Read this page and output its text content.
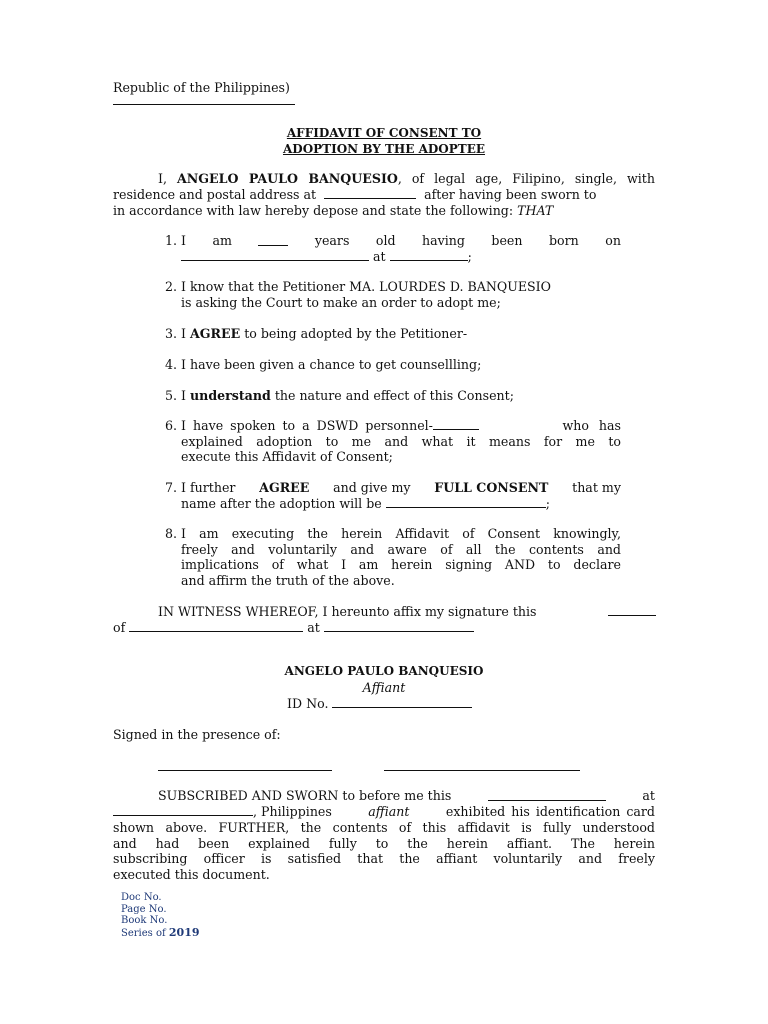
Republic of the Philippines)
AFFIDAVIT OF CONSENT TO
ADOPTION BY THE ADOPTEE
I, ANGELO PAULO BANQUESIO, of legal age, Filipino, single, with
residence and postal address at	after having been sworn to
in accordance with law hereby depose and state the following: THAT
1. I am	years old having been born on
at	;
2. I know that the Petitioner MA. LOURDES D. BANQUESIO
is asking the Court to make an order to adopt me;
3. I AGREE to being adopted by the Petitioner-
4. I have been given a chance to get counsellling;
5. I understand the nature and effect of this Consent;
6. I have spoken to a DSWD personnel-	who has
explained adoption to me and what it means for me to
execute this Affidavit of Consent;
7. I further AGREE and give my FULL CONSENT that my
name after the adoption will be	;
8. I am executing the herein Affidavit of Consent knowingly,
freely and voluntarily and aware of all the contents and
implications of what I am herein signing AND to declare
and affirm the truth of the above.
IN WITNESS WHEREOF, I hereunto affix my signature this
of	at
ANGELO PAULO BANQUESIO
Affiant
ID No.
Signed in the presence of:
SUBSCRIBED AND SWORN to before me this	at
, Philippines	affiant	exhibited his identification card
shown above. FURTHER, the contents of this affidavit is fully understood
and had been explained fully to the herein affiant. The herein
subscribing officer is satisfied that the affiant voluntarily and freely
executed this document.
Doc No.
Page No.
Book No.
Series of 2019
